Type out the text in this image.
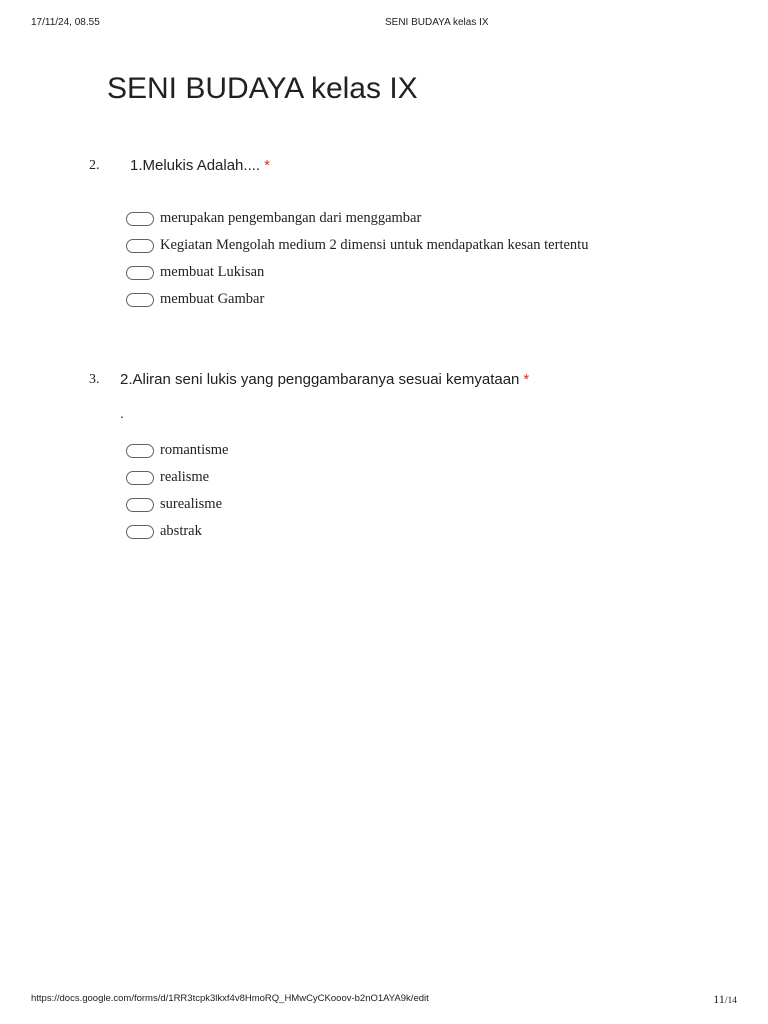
17/11/24, 08.55	SENI BUDAYA kelas IX
SENI BUDAYA kelas IX
2. 1.Melukis Adalah.... *
merupakan pengembangan dari menggambar
Kegiatan Mengolah medium 2 dimensi untuk mendapatkan kesan tertentu
membuat Lukisan
membuat Gambar
3. 2.Aliran seni lukis yang penggambaranya sesuai kemyataan *
.
romantisme
realisme
surealisme
abstrak
https://docs.google.com/forms/d/1RR3tcpk3lkxf4v8HmoRQ_HMwCyCKooov-b2nO1AYA9k/edit	11/14
